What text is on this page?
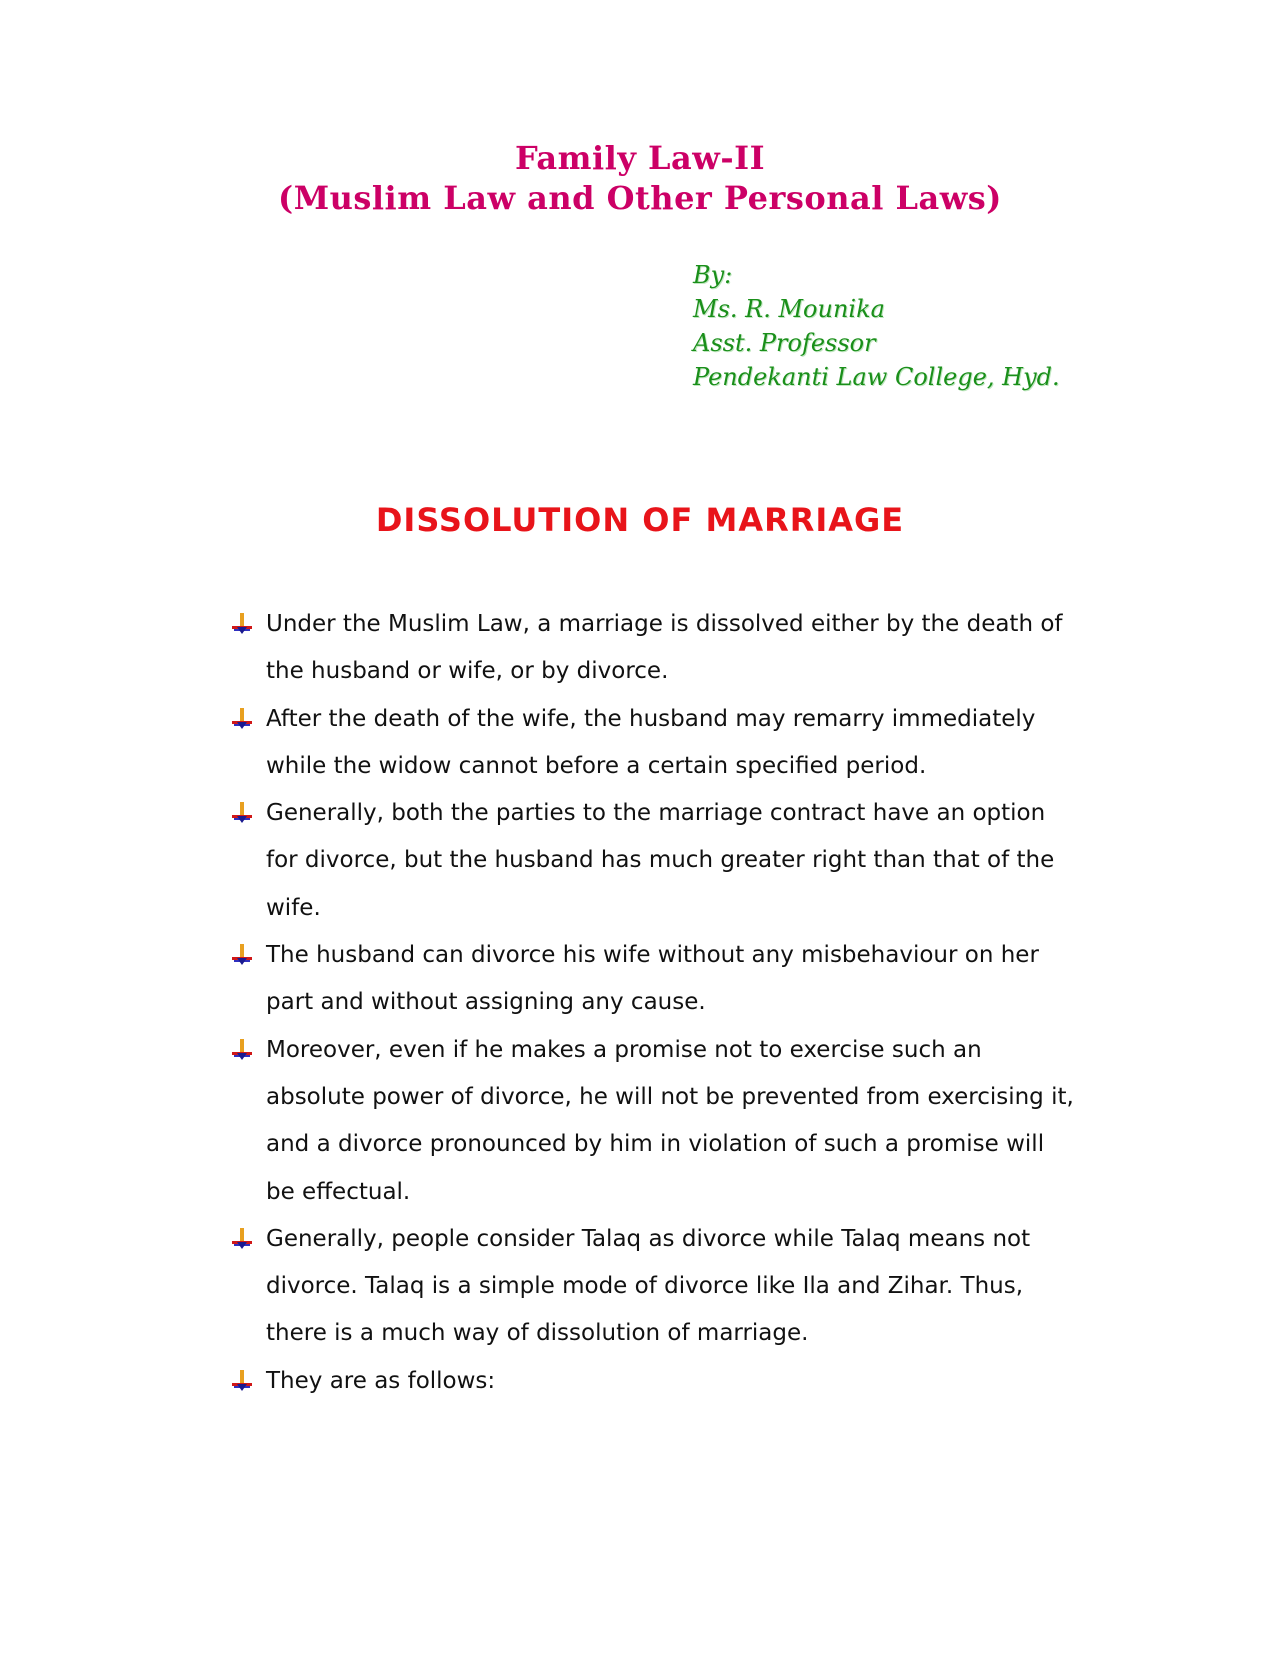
Family Law-II
(Muslim Law and Other Personal Laws)
By:
Ms. R. Mounika
Asst. Professor
Pendekanti Law College, Hyd.
DISSOLUTION OF MARRIAGE
Under the Muslim Law, a marriage is dissolved either by the death of the husband or wife, or by divorce.
After the death of the wife, the husband may remarry immediately while the widow cannot before a certain specified period.
Generally, both the parties to the marriage contract have an option for divorce, but the husband has much greater right than that of the wife.
The husband can divorce his wife without any misbehaviour on her part and without assigning any cause.
Moreover, even if he makes a promise not to exercise such an absolute power of divorce, he will not be prevented from exercising it, and a divorce pronounced by him in violation of such a promise will be effectual.
Generally, people consider Talaq as divorce while Talaq means not divorce. Talaq is a simple mode of divorce like Ila and Zihar. Thus, there is a much way of dissolution of marriage.
They are as follows:
